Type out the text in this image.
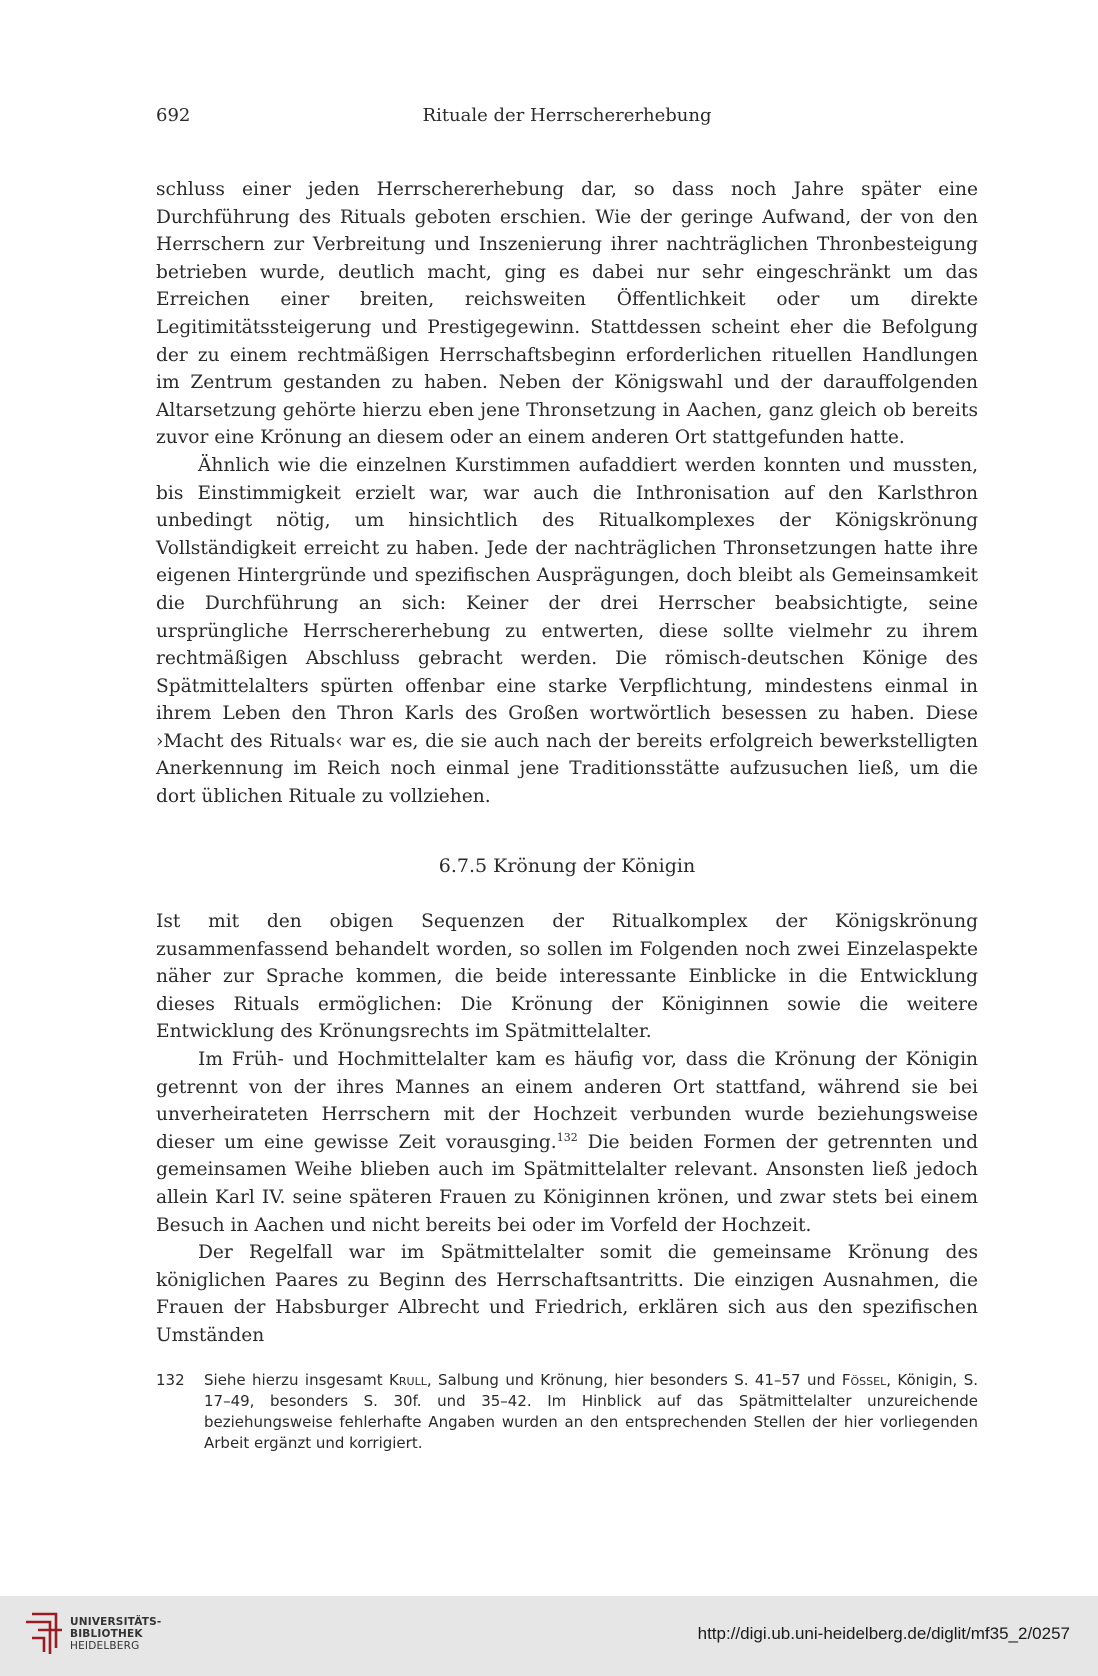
692	Rituale der Herrschererhebung

schluss einer jeden Herrschererhebung dar, so dass noch Jahre später eine Durchführung des Rituals geboten erschien. Wie der geringe Aufwand, der von den Herrschern zur Verbreitung und Inszenierung ihrer nachträglichen Thronbesteigung betrieben wurde, deutlich macht, ging es dabei nur sehr eingeschränkt um das Erreichen einer breiten, reichsweiten Öffentlichkeit oder um direkte Legitimitätssteigerung und Prestigegewinn. Stattdessen scheint eher die Befolgung der zu einem rechtmäßigen Herrschaftsbeginn erforderlichen rituellen Handlungen im Zentrum gestanden zu haben. Neben der Königswahl und der darauffolgenden Altarsetzung gehörte hierzu eben jene Thronsetzung in Aachen, ganz gleich ob bereits zuvor eine Krönung an diesem oder an einem anderen Ort stattgefunden hatte.

Ähnlich wie die einzelnen Kurstimmen aufaddiert werden konnten und mussten, bis Einstimmigkeit erzielt war, war auch die Inthronisation auf den Karlsthron unbedingt nötig, um hinsichtlich des Ritualkomplexes der Königskrönung Vollständigkeit erreicht zu haben. Jede der nachträglichen Thronsetzungen hatte ihre eigenen Hintergründe und spezifischen Ausprägungen, doch bleibt als Gemeinsamkeit die Durchführung an sich: Keiner der drei Herrscher beabsichtigte, seine ursprüngliche Herrschererhebung zu entwerten, diese sollte vielmehr zu ihrem rechtmäßigen Abschluss gebracht werden. Die römisch-deutschen Könige des Spätmittelalters spürten offenbar eine starke Verpflichtung, mindestens einmal in ihrem Leben den Thron Karls des Großen wortwörtlich besessen zu haben. Diese ›Macht des Rituals‹ war es, die sie auch nach der bereits erfolgreich bewerkstelligten Anerkennung im Reich noch einmal jene Traditionsstätte aufzusuchen ließ, um die dort üblichen Rituale zu vollziehen.

6.7.5 Krönung der Königin

Ist mit den obigen Sequenzen der Ritualkomplex der Königskrönung zusammenfassend behandelt worden, so sollen im Folgenden noch zwei Einzelaspekte näher zur Sprache kommen, die beide interessante Einblicke in die Entwicklung dieses Rituals ermöglichen: Die Krönung der Königinnen sowie die weitere Entwicklung des Krönungsrechts im Spätmittelalter.

Im Früh- und Hochmittelalter kam es häufig vor, dass die Krönung der Königin getrennt von der ihres Mannes an einem anderen Ort stattfand, während sie bei unverheirateten Herrschern mit der Hochzeit verbunden wurde beziehungsweise dieser um eine gewisse Zeit vorausging.$^{132}$ Die beiden Formen der getrennten und gemeinsamen Weihe blieben auch im Spätmittelalter relevant. Ansonsten ließ jedoch allein Karl IV. seine späteren Frauen zu Königinnen krönen, und zwar stets bei einem Besuch in Aachen und nicht bereits bei oder im Vorfeld der Hochzeit.

Der Regelfall war im Spätmittelalter somit die gemeinsame Krönung des königlichen Paares zu Beginn des Herrschaftsantritts. Die einzigen Ausnahmen, die Frauen der Habsburger Albrecht und Friedrich, erklären sich aus den spezifischen Umständen

132 Siehe hierzu insgesamt Krull, Salbung und Krönung, hier besonders S. 41–57 und Fössel, Königin, S. 17–49, besonders S. 30f. und 35–42. Im Hinblick auf das Spätmittelalter unzureichende beziehungsweise fehlerhafte Angaben wurden an den entsprechenden Stellen der hier vorliegenden Arbeit ergänzt und korrigiert.
UNIVERSITÄTS-
BIBLIOTHEK
HEIDELBERG
http://digi.ub.uni-heidelberg.de/diglit/mf35_2/0257
